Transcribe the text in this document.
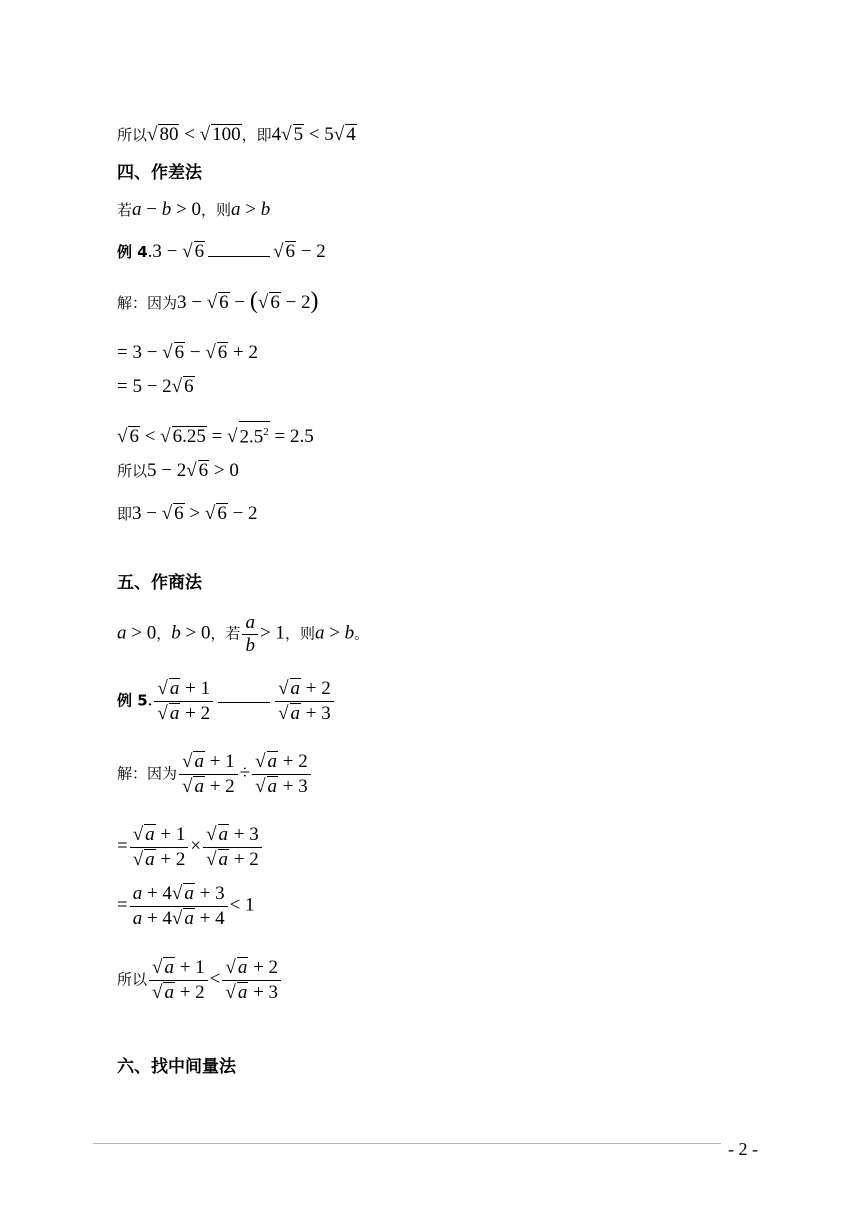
所以√ 80 < √ 100，即4√ 5 < 5√ 4
四、作差法
若a − b > 0，则a > b
例 4.3 − √ 6	√ 6 − 2
解：因为3 − √ 6 − (√ 6 − 2)
= 3 − √ 6 − √ 6 + 2
= 5 − 2√ 6
√ 6 < √ 6.25 = √ $2.5^2 = 2.5$
所以5 − 2√ 6 > 0
即3 − √ 6 > √ 6 − 2
五、作商法
a > 0，b > 0，若 $\frac{a}{b} > 1$，则a > b。
例 5. $\frac{√ a + 1}{√ a + 2}$	$\frac{√ a + 2}{√ a + 3}$
解：因为 $\frac{√ a + 1}{√ a + 2} \div \frac{√ a + 2}{√ a + 3}$
= $\frac{√ a + 1}{√ a + 2} \times \frac{√ a + 3}{√ a + 2}$
= $\frac{a + 4√ a + 3}{a + 4√ a + 4} < 1$
所以 $\frac{√ a + 1}{√ a + 2} < \frac{√ a + 2}{√ a + 3}$
六、找中间量法
- 2 -
